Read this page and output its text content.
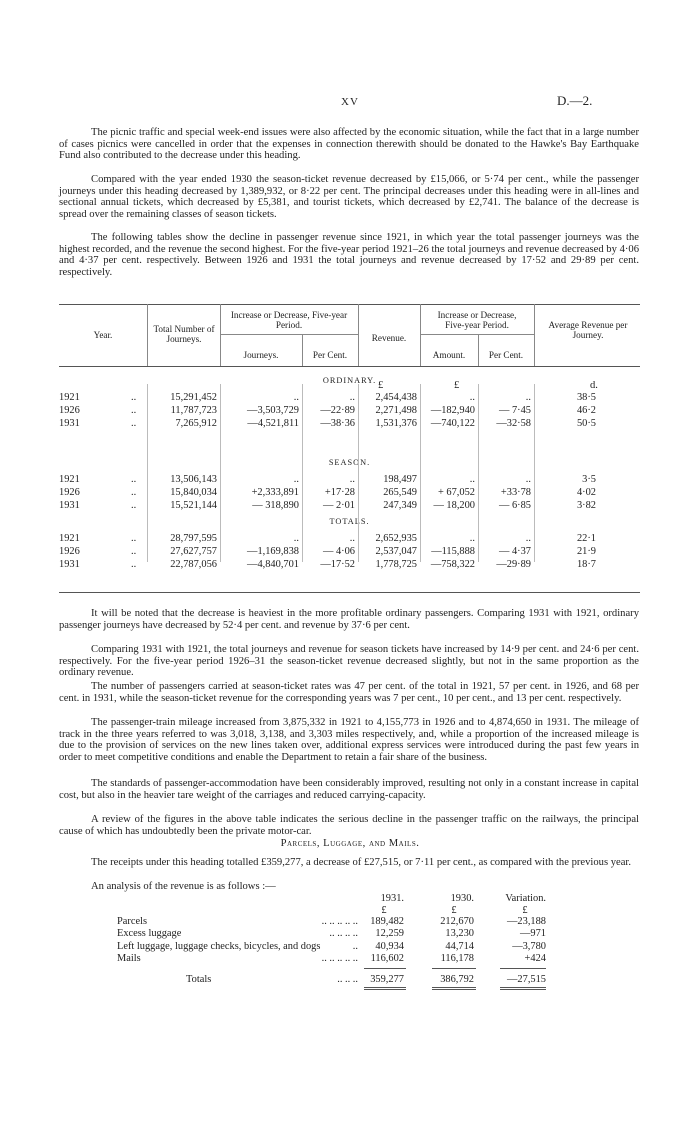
XV	D.—2.

The picnic traffic and special week-end issues were also affected by the economic situation, while the fact that in a large number of cases picnics were cancelled in order that the expenses in connection therewith should be donated to the Hawke's Bay Earthquake Fund also contributed to the decrease under this heading.

Compared with the year ended 1930 the season-ticket revenue decreased by £15,066, or 5·74 per cent., while the passenger journeys under this heading decreased by 1,389,932, or 8·22 per cent. The principal decreases under this heading were in all-lines and sectional annual tickets, which decreased by £5,381, and tourist tickets, which decreased by £2,741. The balance of the decrease is spread over the remaining classes of season tickets.

The following tables show the decline in passenger revenue since 1921, in which year the total passenger journeys was the highest recorded, and the revenue the second highest. For the five-year period 1921–26 the total journeys and revenue decreased by 4·06 and 4·37 per cent. respectively. Between 1926 and 1931 the total journeys and revenue decreased by 17·52 and 29·89 per cent. respectively.

Year.
Total Number of Journeys.
Increase or Decrease, Five-year Period.
Journeys.	Per Cent.
Revenue.
Increase or Decrease, Five-year Period.
Amount.	Per Cent.
Average Revenue per Journey.
£	£	d.
ORDINARY.
1921	..	15,291,452	..	..	2,454,438	..	..	38·5
1926	..	11,787,723	—3,503,729	—22·89	2,271,498	—182,940	— 7·45	46·2
1931	..	7,265,912	—4,521,811	—38·36	1,531,376	—740,122	—32·58	50·5
SEASON.
1921	..	13,506,143	..	..	198,497	..	..	3·5
1926	..	15,840,034	+2,333,891	+17·28	265,549	+ 67,052	+33·78	4·02
1931	..	15,521,144	— 318,890	— 2·01	247,349	— 18,200	— 6·85	3·82
TOTALS.
1921	..	28,797,595	..	..	2,652,935	..	..	22·1
1926	..	27,627,757	—1,169,838	— 4·06	2,537,047	—115,888	— 4·37	21·9
1931	..	22,787,056	—4,840,701	—17·52	1,778,725	—758,322	—29·89	18·7

It will be noted that the decrease is heaviest in the more profitable ordinary passengers. Comparing 1931 with 1921, ordinary passenger journeys have decreased by 52·4 per cent. and revenue by 37·6 per cent.

Comparing 1931 with 1921, the total journeys and revenue for season tickets have increased by 14·9 per cent. and 24·6 per cent. respectively. For the five-year period 1926–31 the season-ticket revenue decreased slightly, but not in the same proportion as the ordinary revenue.

The number of passengers carried at season-ticket rates was 47 per cent. of the total in 1921, 57 per cent. in 1926, and 68 per cent. in 1931, while the season-ticket revenue for the corresponding years was 7 per cent., 10 per cent., and 13 per cent. respectively.

The passenger-train mileage increased from 3,875,332 in 1921 to 4,155,773 in 1926 and to 4,874,650 in 1931. The mileage of track in the three years referred to was 3,018, 3,138, and 3,303 miles respectively, and, while a proportion of the increased mileage is due to the provision of services on the new lines taken over, additional express services were introduced during the past few years in order to meet competitive conditions and enable the Department to retain a fair share of the business.

The standards of passenger-accommodation have been considerably improved, resulting not only in a constant increase in capital cost, but also in the heavier tare weight of the carriages and reduced carrying-capacity.

A review of the figures in the above table indicates the serious decline in the passenger traffic on the railways, the principal cause of which has undoubtedly been the private motor-car.

Parcels, Luggage, and Mails.

The receipts under this heading totalled £359,277, a decrease of £27,515, or 7·11 per cent., as compared with the previous year.

An analysis of the revenue is as follows :—

1931.	1930.	Variation.
£	£	£
Parcels	.. .. .. .. ..	189,482	212,670	—23,188
Excess luggage	.. .. .. ..	12,259	13,230	—971
Left luggage, luggage checks, bicycles, and dogs	..	40,934	44,714	—3,780
Mails	.. .. .. .. ..	116,602	116,178	+424
Totals	.. .. ..	359,277	386,792	—27,515
